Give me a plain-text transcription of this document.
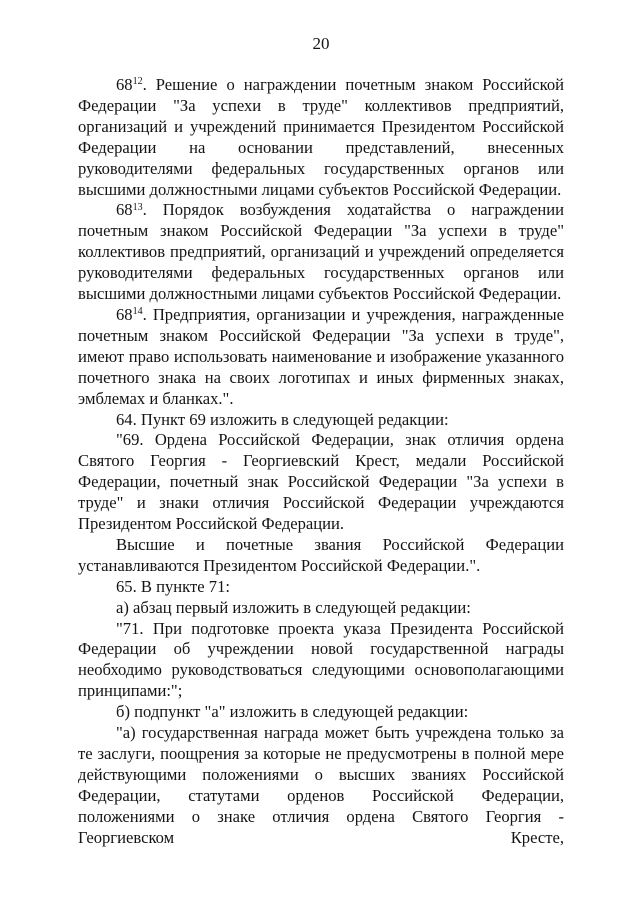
20

$68^{12}$. Решение о награждении почетным знаком Российской Федерации "За успехи в труде" коллективов предприятий, организаций и учреждений принимается Президентом Российской Федерации на основании представлений, внесенных руководителями федеральных государственных органов или высшими должностными лицами субъектов Российской Федерации.

$68^{13}$. Порядок возбуждения ходатайства о награждении почетным знаком Российской Федерации "За успехи в труде" коллективов предприятий, организаций и учреждений определяется руководителями федеральных государственных органов или высшими должностными лицами субъектов Российской Федерации.

$68^{14}$. Предприятия, организации и учреждения, награжденные почетным знаком Российской Федерации "За успехи в труде", имеют право использовать наименование и изображение указанного почетного знака на своих логотипах и иных фирменных знаках, эмблемах и бланках.".

64. Пункт 69 изложить в следующей редакции:

"69. Ордена Российской Федерации, знак отличия ордена Святого Георгия - Георгиевский Крест, медали Российской Федерации, почетный знак Российской Федерации "За успехи в труде" и знаки отличия Российской Федерации учреждаются Президентом Российской Федерации.

Высшие и почетные звания Российской Федерации устанавливаются Президентом Российской Федерации.".

65. В пункте 71:

а) абзац первый изложить в следующей редакции:

"71. При подготовке проекта указа Президента Российской Федерации об учреждении новой государственной награды необходимо руководствоваться следующими основополагающими принципами:";

б) подпункт "а" изложить в следующей редакции:

"а) государственная награда может быть учреждена только за те заслуги, поощрения за которые не предусмотрены в полной мере действующими положениями о высших званиях Российской Федерации, статутами орденов Российской Федерации, положениями о знаке отличия ордена Святого Георгия - Георгиевском Кресте,
